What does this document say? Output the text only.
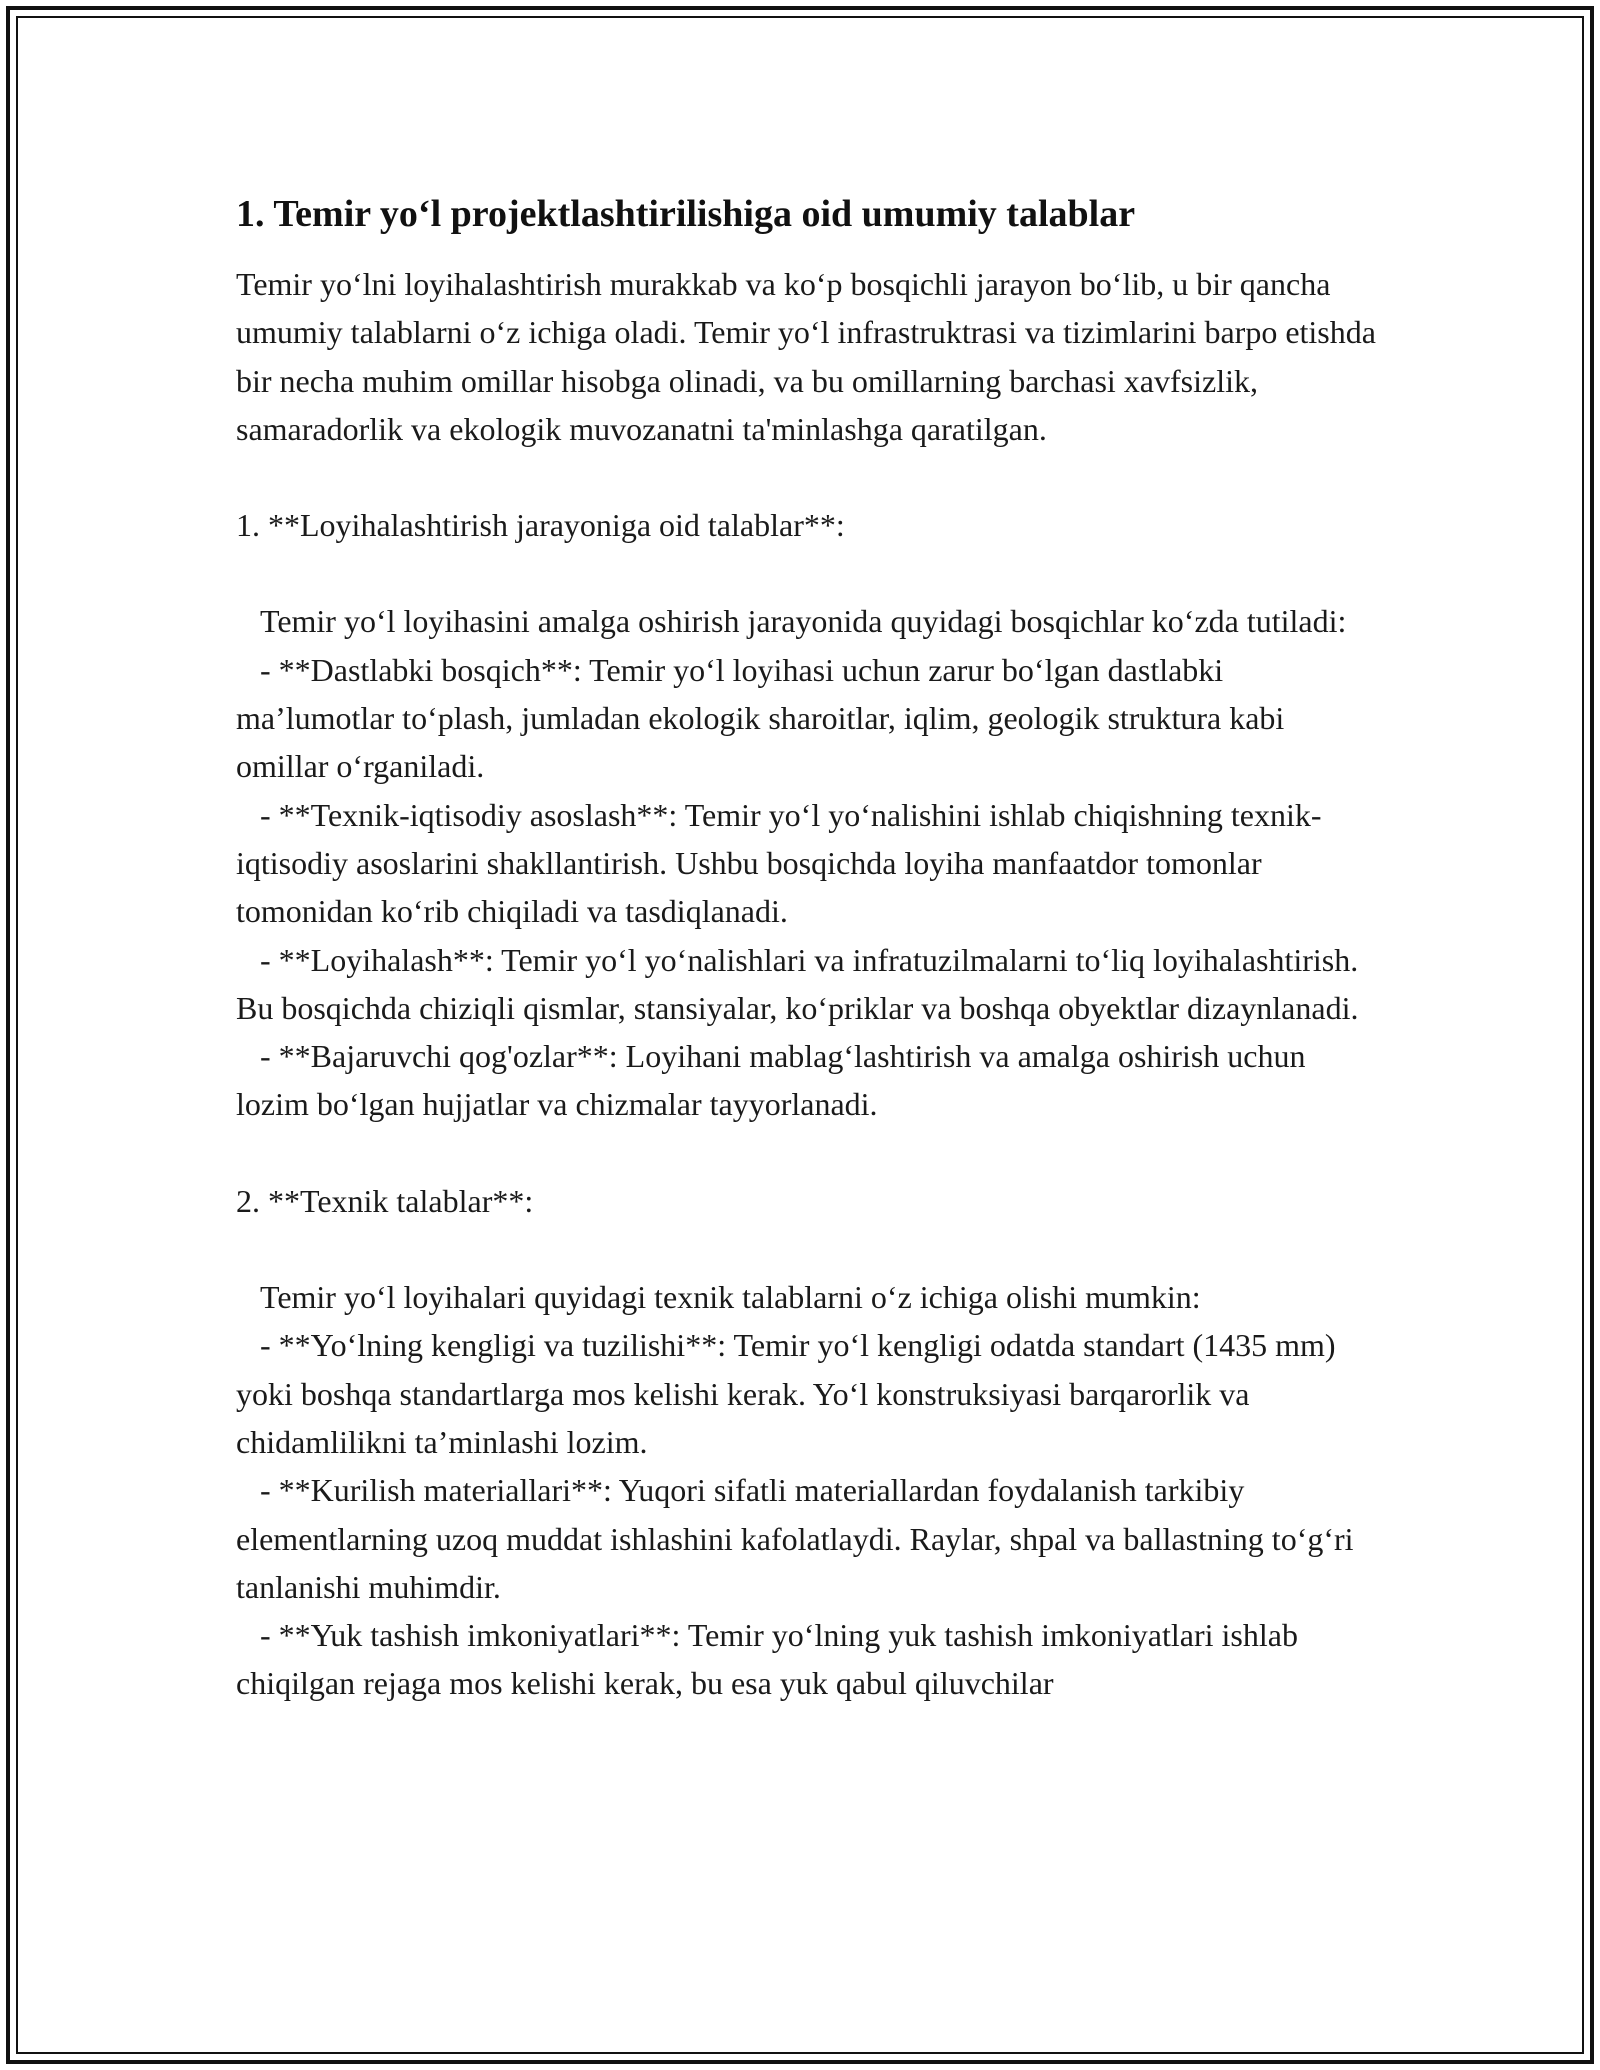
1. Temir yo‘l projektlashtirilishiga oid umumiy talablar

Temir yo‘lni loyihalashtirish murakkab va ko‘p bosqichli jarayon bo‘lib, u bir qancha umumiy talablarni o‘z ichiga oladi. Temir yo‘l infrastruktrasi va tizimlarini barpo etishda bir necha muhim omillar hisobga olinadi, va bu omillarning barchasi xavfsizlik, samaradorlik va ekologik muvozanatni ta'minlashga qaratilgan.

1. **Loyihalashtirish jarayoniga oid talablar**:

Temir yo‘l loyihasini amalga oshirish jarayonida quyidagi bosqichlar ko‘zda tutiladi:

- **Dastlabki bosqich**: Temir yo‘l loyihasi uchun zarur bo‘lgan dastlabki ma’lumotlar to‘plash, jumladan ekologik sharoitlar, iqlim, geologik struktura kabi omillar o‘rganiladi.

- **Texnik-iqtisodiy asoslash**: Temir yo‘l yo‘nalishini ishlab chiqishning texnik-iqtisodiy asoslarini shakllantirish. Ushbu bosqichda loyiha manfaatdor tomonlar tomonidan ko‘rib chiqiladi va tasdiqlanadi.

- **Loyihalash**: Temir yo‘l yo‘nalishlari va infratuzilmalarni to‘liq loyihalashtirish. Bu bosqichda chiziqli qismlar, stansiyalar, ko‘priklar va boshqa obyektlar dizaynlanadi.

- **Bajaruvchi qog'ozlar**: Loyihani mablag‘lashtirish va amalga oshirish uchun lozim bo‘lgan hujjatlar va chizmalar tayyorlanadi.

2. **Texnik talablar**:

Temir yo‘l loyihalari quyidagi texnik talablarni o‘z ichiga olishi mumkin:

- **Yo‘lning kengligi va tuzilishi**: Temir yo‘l kengligi odatda standart (1435 mm) yoki boshqa standartlarga mos kelishi kerak. Yo‘l konstruksiyasi barqarorlik va chidamlilikni ta’minlashi lozim.

- **Kurilish materiallari**: Yuqori sifatli materiallardan foydalanish tarkibiy elementlarning uzoq muddat ishlashini kafolatlaydi. Raylar, shpal va ballastning to‘g‘ri tanlanishi muhimdir.

- **Yuk tashish imkoniyatlari**: Temir yo‘lning yuk tashish imkoniyatlari ishlab chiqilgan rejaga mos kelishi kerak, bu esa yuk qabul qiluvchilar
